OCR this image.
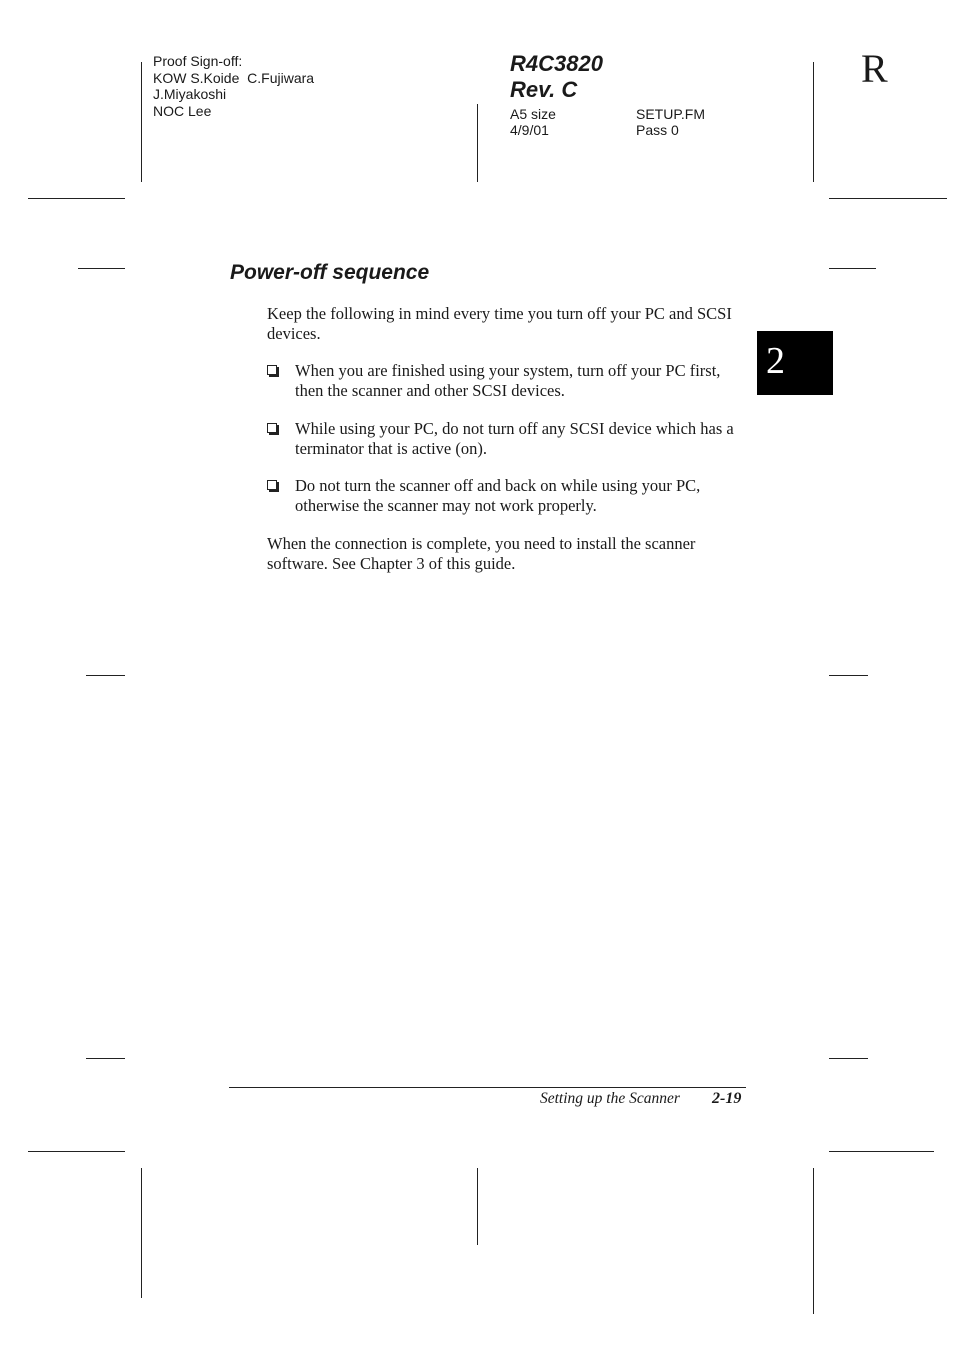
Proof Sign-off:
KOW S.Koide  C.Fujiwara
J.Miyakoshi
NOC Lee
R4C3820
Rev. C
A5 size
4/9/01
SETUP.FM
Pass 0
R
2
Power-off sequence
Keep the following in mind every time you turn off your PC and SCSI devices.
When you are finished using your system, turn off your PC first, then the scanner and other SCSI devices.
While using your PC, do not turn off any SCSI device which has a terminator that is active (on).
Do not turn the scanner off and back on while using your PC, otherwise the scanner may not work properly.
When the connection is complete, you need to install the scanner software. See Chapter 3 of this guide.
Setting up the Scanner 2-19
